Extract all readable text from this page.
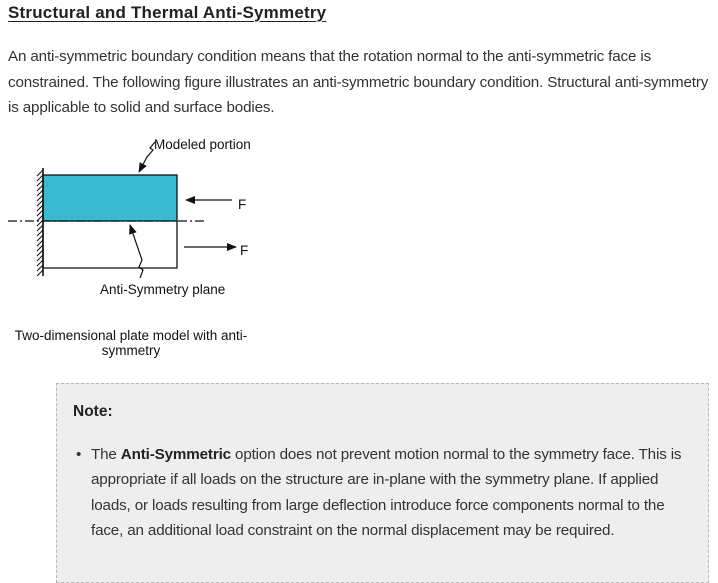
Structural and Thermal Anti-Symmetry

An anti-symmetric boundary condition means that the rotation normal to the anti-symmetric face is constrained. The following figure illustrates an anti-symmetric boundary condition. Structural anti-symmetry is applicable to solid and surface bodies.

Modeled portion
F
F
Anti-Symmetry plane
Two-dimensional plate model with anti-symmetry
Note:
• The Anti-Symmetric option does not prevent motion normal to the symmetry face. This is appropriate if all loads on the structure are in-plane with the symmetry plane. If applied loads, or loads resulting from large deflection introduce force components normal to the face, an additional load constraint on the normal displacement may be required.
